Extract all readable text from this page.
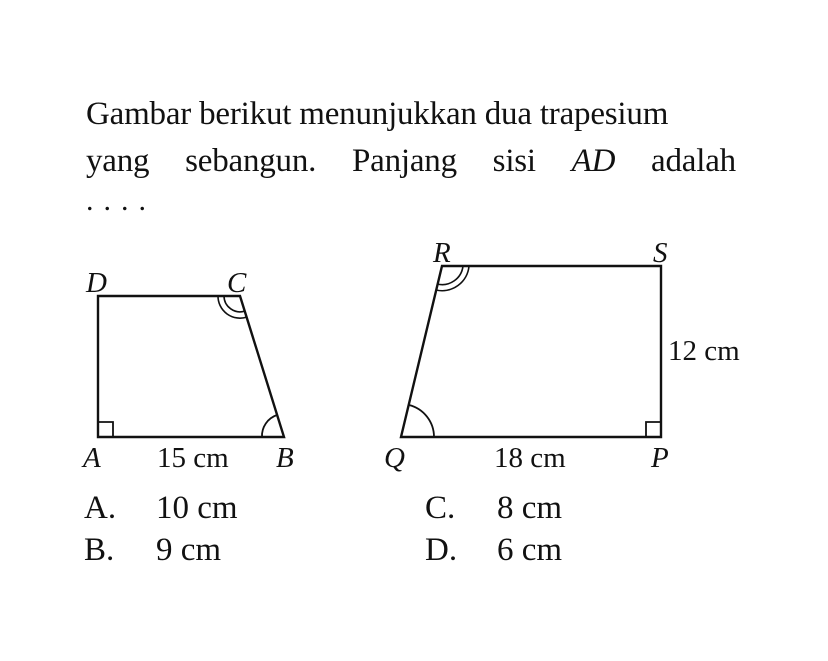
Gambar berikut menunjukkan dua trapesium
yang sebangun. Panjang sisi AD adalah
....
D	C
A	B
15 cm
R	S
Q	P
18 cm
12 cm
A. 10 cm
B. 9 cm
C. 8 cm
D. 6 cm
